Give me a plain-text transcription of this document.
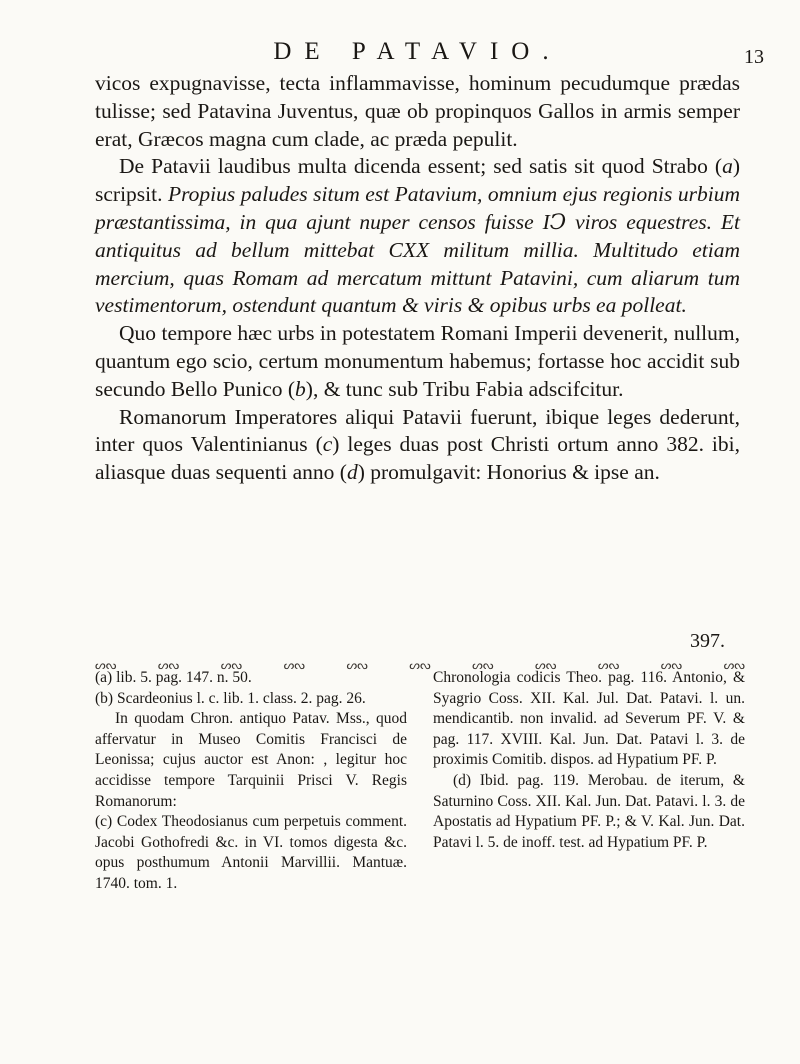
DE PATAVIO.	13

vicos expugnavisse, tecta inflammavisse, hominum pecudumque prædas tulisse; sed Patavina Juventus, quæ ob propinquos Gallos in armis semper erat, Græcos magna cum clade, ac præda pepulit.

De Patavii laudibus multa dicenda essent; sed satis sit quod Strabo (a) scripsit. Propius paludes situm est Patavium, omnium ejus regionis urbium præstantissima, in qua ajunt nuper censos fuisse IↃ viros equestres. Et antiquitus ad bellum mittebat CXX militum millia. Multitudo etiam mercium, quas Romam ad mercatum mittunt Patavini, cum aliarum tum vestimentorum, ostendunt quantum & viris & opibus urbs ea polleat.

Quo tempore hæc urbs in potestatem Romani Imperii devenerit, nullum, quantum ego scio, certum monumentum habemus; fortasse hoc accidit sub secundo Bello Punico (b), & tunc sub Tribu Fabia adscifcitur.

Romanorum Imperatores aliqui Patavii fuerunt, ibique leges dederunt, inter quos Valentinianus (c) leges duas post Christi ortum anno 382. ibi, aliasque duas sequenti anno (d) promulgavit: Honorius & ipse an.

397.
ᔕᔓ	ᔕᔓ	ᔕᔓ	ᔕᔓ	ᔕᔓ	ᔕᔓ	ᔕᔓ	ᔕᔓ	ᔕᔓ	ᔕᔓ	ᔕᔓ

(a) lib. 5. pag. 147. n. 50.

(b) Scardeonius l. c. lib. 1. class. 2. pag. 26.

In quodam Chron. antiquo Patav. Mss., quod affervatur in Museo Comitis Francisci de Leonissa; cujus auctor est Anon: , legitur hoc accidisse tempore Tarquinii Prisci V. Regis Romanorum:

(c) Codex Theodosianus cum perpetuis comment. Jacobi Gothofredi &c. in VI. tomos digesta &c. opus posthumum Antonii Marvillii. Mantuæ. 1740. tom. 1.

Chronologia codicis Theo. pag. 116. Antonio, & Syagrio Coss. XII. Kal. Jul. Dat. Patavi. l. un. mendicantib. non invalid. ad Severum PF. V. & pag. 117. XVIII. Kal. Jun. Dat. Patavi l. 3. de proximis Comitib. dispos. ad Hypatium PF. P.

(d) Ibid. pag. 119. Merobau. de iterum, & Saturnino Coss. XII. Kal. Jun. Dat. Patavi. l. 3. de Apostatis ad Hypatium PF. P.; & V. Kal. Jun. Dat. Patavi l. 5. de inoff. test. ad Hypatium PF. P.
